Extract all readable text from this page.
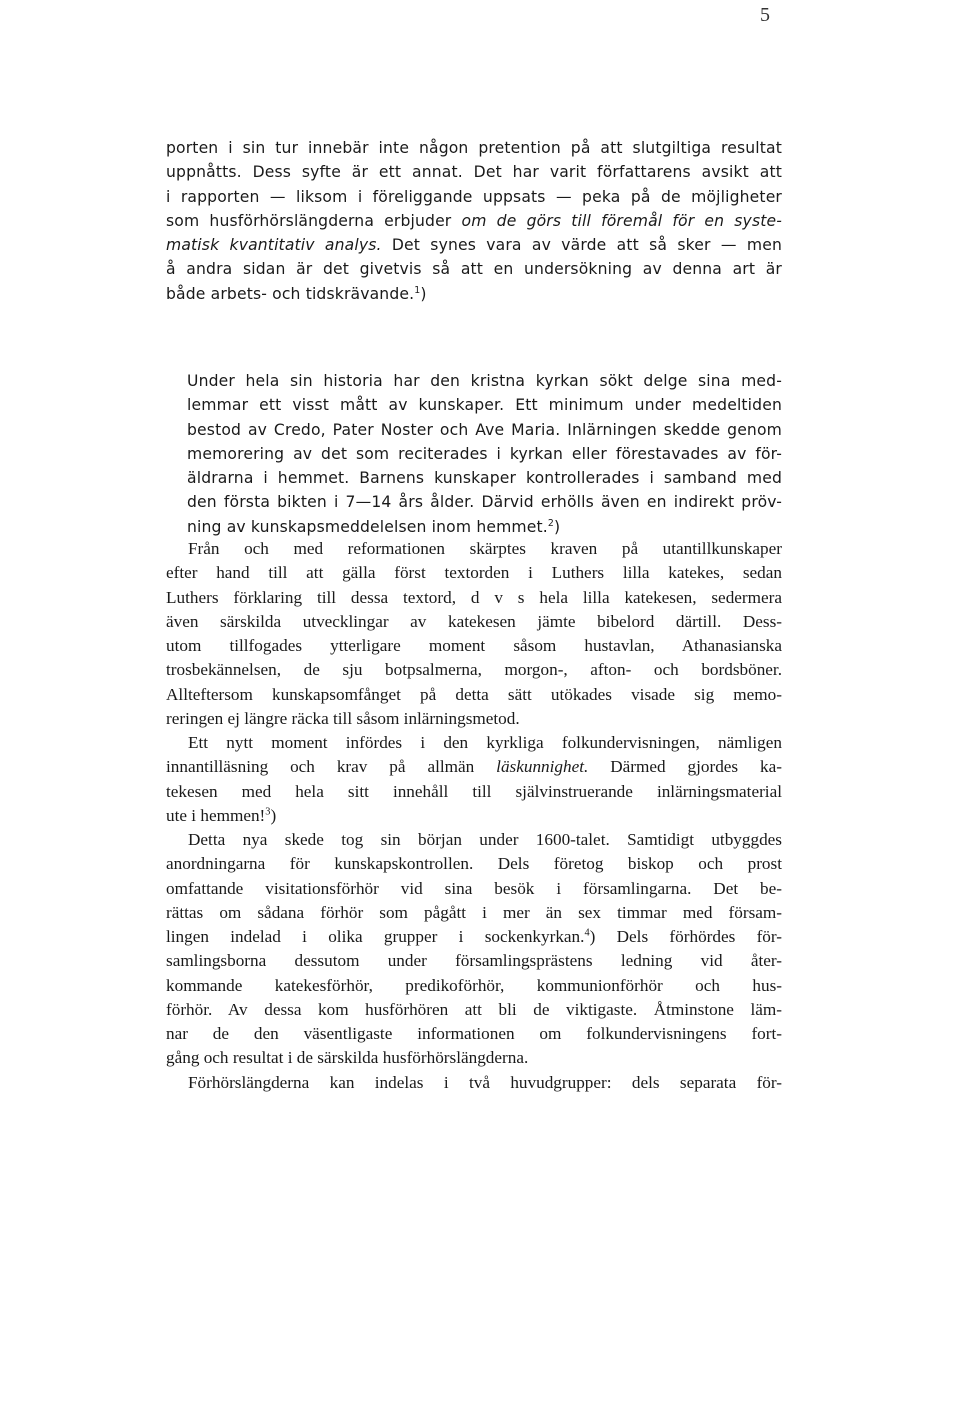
5
porten i sin tur innebär inte någon pretention på att slutgiltiga resultat
uppnåtts. Dess syfte är ett annat. Det har varit författarens avsikt att
i rapporten — liksom i föreliggande uppsats — peka på de möjligheter
som husförhörslängderna erbjuder om de görs till föremål för en syste-
matisk kvantitativ analys. Det synes vara av värde att så sker — men
å andra sidan är det givetvis så att en undersökning av denna art är
både arbets- och tidskrävande.$^1$)
Under hela sin historia har den kristna kyrkan sökt delge sina med-
lemmar ett visst mått av kunskaper. Ett minimum under medeltiden
bestod av Credo, Pater Noster och Ave Maria. Inlärningen skedde genom
memorering av det som reciterades i kyrkan eller förestavades av för-
äldrarna i hemmet. Barnens kunskaper kontrollerades i samband med
den första bikten i 7—14 års ålder. Därvid erhölls även en indirekt pröv-
ning av kunskapsmeddelelsen inom hemmet.$^2$)
Från och med reformationen skärptes kraven på utantillkunskaper
efter hand till att gälla först textorden i Luthers lilla katekes, sedan
Luthers förklaring till dessa textord, d v s hela lilla katekesen, sedermera
även särskilda utvecklingar av katekesen jämte bibelord därtill. Dess-
utom tillfogades ytterligare moment såsom hustavlan, Athanasianska
trosbekännelsen, de sju botpsalmerna, morgon-, afton- och bordsböner.
Allteftersom kunskapsomfånget på detta sätt utökades visade sig memo-
reringen ej längre räcka till såsom inlärningsmetod.
Ett nytt moment infördes i den kyrkliga folkundervisningen, nämligen
innantilläsning och krav på allmän läskunnighet. Därmed gjordes ka-
tekesen med hela sitt innehåll till självinstruerande inlärningsmaterial
ute i hemmen!$^3$)
Detta nya skede tog sin början under 1600-talet. Samtidigt utbyggdes
anordningarna för kunskapskontrollen. Dels företog biskop och prost
omfattande visitationsförhör vid sina besök i församlingarna. Det be-
rättas om sådana förhör som pågått i mer än sex timmar med försam-
lingen indelad i olika grupper i sockenkyrkan.$^4$) Dels förhördes för-
samlingsborna dessutom under församlingsprästens ledning vid åter-
kommande katekesförhör, predikoförhör, kommunionförhör och hus-
förhör. Av dessa kom husförhören att bli de viktigaste. Åtminstone läm-
nar de den väsentligaste informationen om folkundervisningens fort-
gång och resultat i de särskilda husförhörslängderna.
Förhörslängderna kan indelas i två huvudgrupper: dels separata för-
